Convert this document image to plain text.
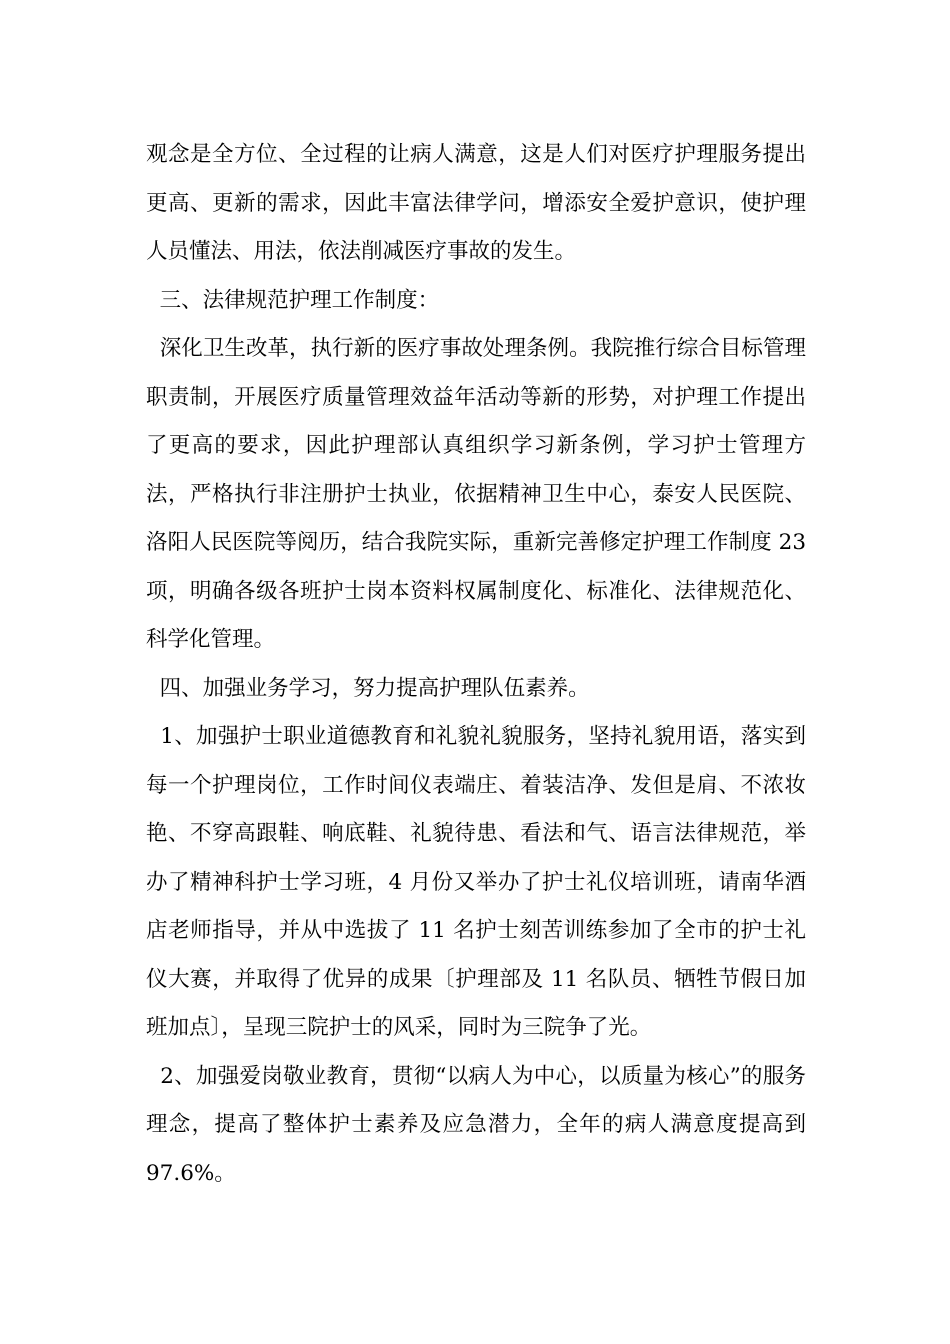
观念是全方位、全过程的让病人满意，这是人们对医疗护理服务提出更高、更新的需求，因此丰富法律学问，增添安全爱护意识，使护理人员懂法、用法，依法削减医疗事故的发生。

三、法律规范护理工作制度：

深化卫生改革，执行新的医疗事故处理条例。我院推行综合目标管理职责制，开展医疗质量管理效益年活动等新的形势，对护理工作提出了更高的要求，因此护理部认真组织学习新条例，学习护士管理方法，严格执行非注册护士执业，依据精神卫生中心，泰安人民医院、洛阳人民医院等阅历，结合我院实际，重新完善修定护理工作制度 23 项，明确各级各班护士岗本资料权属制度化、标准化、法律规范化、科学化管理。

四、加强业务学习，努力提高护理队伍素养。

1、加强护士职业道德教育和礼貌礼貌服务，坚持礼貌用语，落实到每一个护理岗位，工作时间仪表端庄、着装洁净、发但是肩、不浓妆艳、不穿高跟鞋、响底鞋、礼貌待患、看法和气、语言法律规范，举办了精神科护士学习班，4 月份又举办了护士礼仪培训班，请南华酒店老师指导，并从中选拔了 11 名护士刻苦训练参加了全市的护士礼仪大赛，并取得了优异的成果〔护理部及 11 名队员、牺牲节假日加班加点〕，呈现三院护士的风采，同时为三院争了光。

2、加强爱岗敬业教育，贯彻“以病人为中心，以质量为核心”的服务理念，提高了整体护士素养及应急潜力，全年的病人满意度提高到 97.6%。
